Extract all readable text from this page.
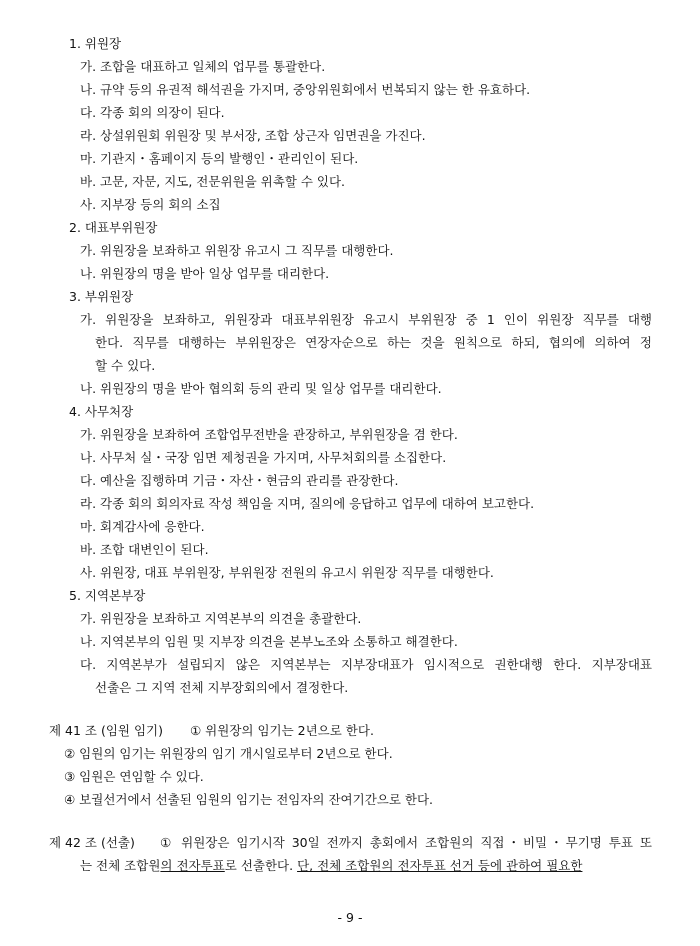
1. 위원장
가. 조합을 대표하고 일체의 업무를 통괄한다.
나. 규약 등의 유권적 해석권을 가지며, 중앙위원회에서 번복되지 않는 한 유효하다.
다. 각종 회의 의장이 된다.
라. 상설위원회 위원장 및 부서장, 조합 상근자 임면권을 가진다.
마. 기관지・홈페이지 등의 발행인・관리인이 된다.
바. 고문, 자문, 지도, 전문위원을 위촉할 수 있다.
사. 지부장 등의 회의 소집
2. 대표부위원장
가. 위원장을 보좌하고 위원장 유고시 그 직무를 대행한다.
나. 위원장의 명을 받아 일상 업무를 대리한다.
3. 부위원장
가. 위원장을 보좌하고, 위원장과 대표부위원장 유고시 부위원장 중 1 인이 위원장 직무를 대행
한다. 직무를 대행하는 부위원장은 연장자순으로 하는 것을 원칙으로 하되, 협의에 의하여 정
할 수 있다.
나. 위원장의 명을 받아 협의회 등의 관리 및 일상 업무를 대리한다.
4. 사무처장
가. 위원장을 보좌하여 조합업무전반을 관장하고, 부위원장을 겸 한다.
나. 사무처 실・국장 임면 제청권을 가지며, 사무처회의를 소집한다.
다. 예산을 집행하며 기금・자산・현금의 관리를 관장한다.
라. 각종 회의 회의자료 작성 책임을 지며, 질의에 응답하고 업무에 대하여 보고한다.
마. 회계감사에 응한다.
바. 조합 대변인이 된다.
사. 위원장, 대표 부위원장, 부위원장 전원의 유고시 위원장 직무를 대행한다.
5. 지역본부장
가. 위원장을 보좌하고 지역본부의 의견을 총괄한다.
나. 지역본부의 임원 및 지부장 의견을 본부노조와 소통하고 해결한다.
다. 지역본부가 설립되지 않은 지역본부는 지부장대표가 임시적으로 권한대행 한다. 지부장대표
선출은 그 지역 전체 지부장회의에서 결정한다.
제 41 조 (임원 임기) ① 위원장의 임기는 2년으로 한다.
② 임원의 임기는 위원장의 임기 개시일로부터 2년으로 한다.
③ 임원은 연임할 수 있다.
④ 보궐선거에서 선출된 임원의 임기는 전임자의 잔여기간으로 한다.
제 42 조 (선출) ① 위원장은 임기시작 30일 전까지 총회에서 조합원의 직접・비밀・무기명 투표 또
는 전체 조합원의 전자투표로 선출한다. 단, 전체 조합원의 전자투표 선거 등에 관하여 필요한
- 9 -
